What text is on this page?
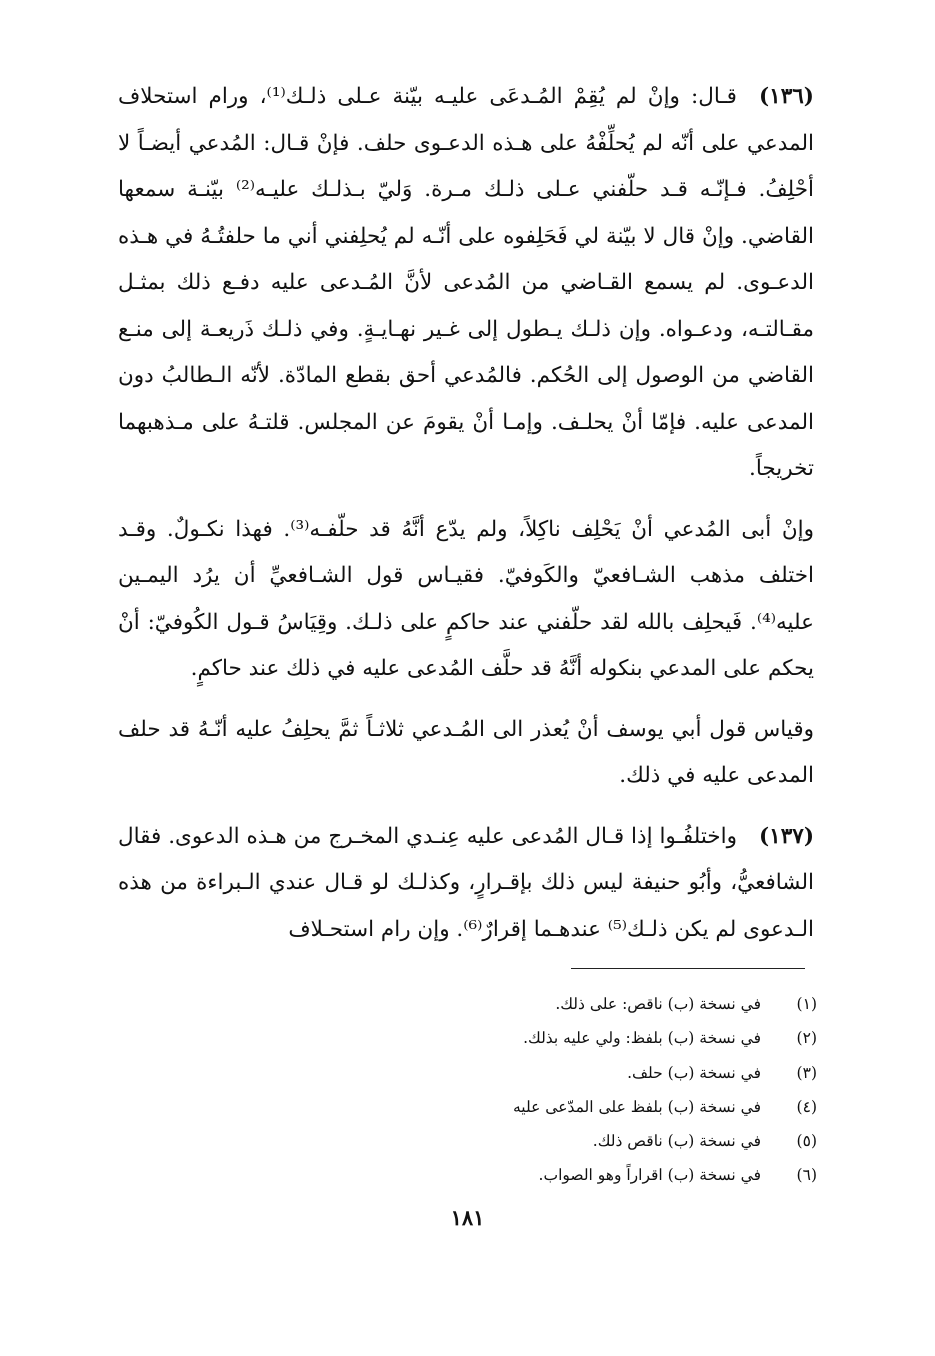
(١٣٦)قـال: وإنْ لم يُقِمْ المُـدعَى عليـه بيّنة عـلى ذلـك⁽¹⁾، ورام استحلاف المدعي على أنّه لم يُحلِّفْهُ على هـذه الدعـوى حلف. فإنْ قـال: المُدعي أيضـاً لا أحْلِفُ. فـإنّـه قـد حلّفني عـلى ذلـك مـرة. وَليّ بـذلـك عليـه⁽²⁾ بيّنـة سمعها القاضي. وإنْ قال لا بيّنة لي فَحَلِفوه على أنّـه لم يُحلِفني أني ما حلفتُـهُ في هـذه الدعـوى. لم يسمع القـاضي من المُدعى لأنَّ المُـدعى عليه دفـع ذلك بمثـل مقـالتـه، ودعـواه. وإن ذلـك يـطول إلى غـير نهـايـةٍ. وفي ذلـك ذَريعـة إلى منـع القاضي من الوصول إلى الحُكم. فالمُدعي أحق بقطع المادّة. لأنّه الـطالبُ دون المدعى عليه. فإمّا أنْ يحلـف. وإمـا أنْ يقومَ عن المجلس. قلتـهُ على مـذهبهما تخريجاً.

وإنْ أبى المُدعي أنْ يَحْلِف ناكِلاً، ولم يدّع أنَّهُ قد حلّفـه⁽³⁾. فهذا نكـولٌ. وقـد اختلف مذهب الشـافعيّ والكَوفيّ. فقيـاس قول الشـافعيِّ أن يرُد اليمـين عليه⁽⁴⁾. فَيحلِف بالله لقد حلّفني عند حاكمٍ على ذلـك. وقِيَاسُ قـول الكُوفيّ: أنْ يحكم على المدعي بنكوله أنَّهُ قد حلَّف المُدعى عليه في ذلك عند حاكمٍ.

وقياس قول أبي يوسف أنْ يُعذر الى المُـدعي ثلاثـاً ثمَّ يحلِفُ عليه أنّـهُ قد حلف المدعى عليه في ذلك.

(١٣٧)واختلفُـوا إذا قـال المُدعى عليه عِنـدي المخـرج من هـذه الدعوى. فقال الشافعيُّ، وأبُو حنيفة ليس ذلك بإقـرارٍ، وكذلـك لو قـال عندي الـبراءة من هذه الـدعوى لم يكن ذلـك⁽⁵⁾ عندهـما إقرارٌ⁽⁶⁾. وإن رام استحـلاف

(١)في نسخة (ب) ناقص: على ذلك.
(٢)في نسخة (ب) بلفظ: ولي عليه بذلك.
(٣)في نسخة (ب) حلف.
(٤)في نسخة (ب) بلفظ على المدّعى عليه
(٥)في نسخة (ب) ناقص ذلك.
(٦)في نسخة (ب) اقراراً وهو الصواب.
١٨١
